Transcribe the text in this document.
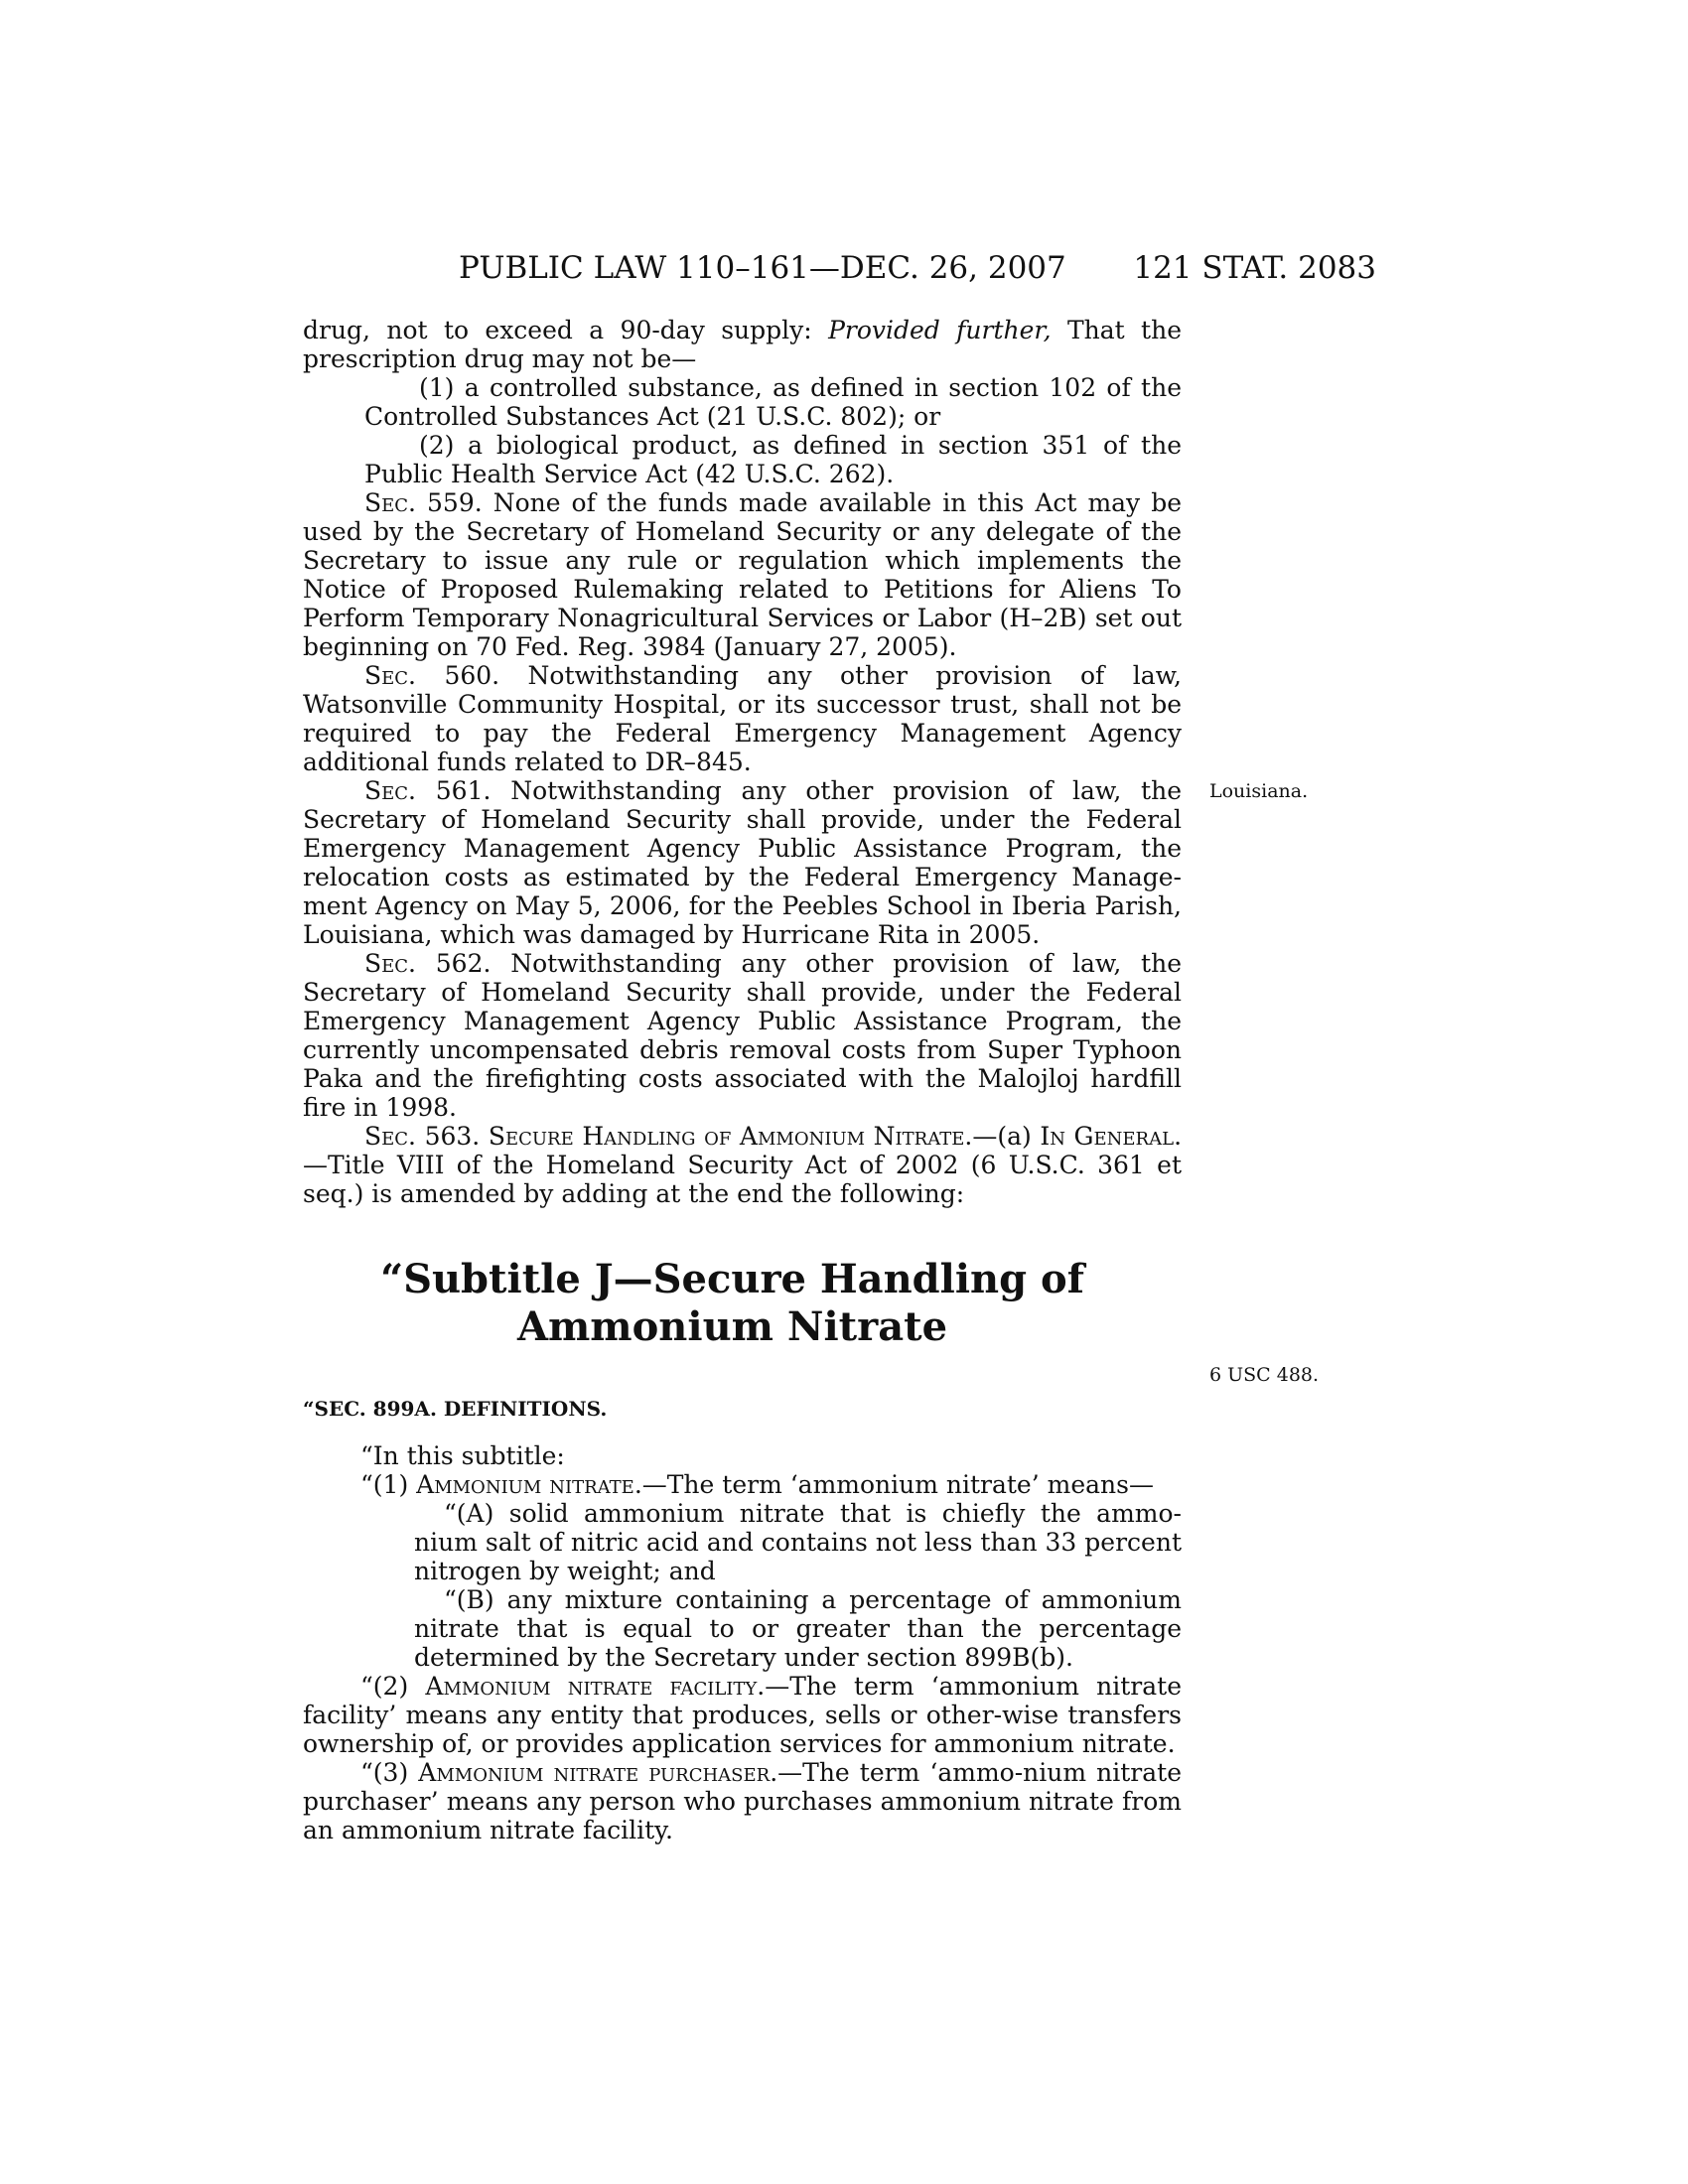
PUBLIC LAW 110–161—DEC. 26, 2007 121 STAT. 2083
Louisiana.
6 USC 488.

drug, not to exceed a 90-day supply: Provided further, That the prescription drug may not be—

(1) a controlled substance, as defined in section 102 of the Controlled Substances Act (21 U.S.C. 802); or

(2) a biological product, as defined in section 351 of the Public Health Service Act (42 U.S.C. 262).

Sec. 559. None of the funds made available in this Act may be used by the Secretary of Homeland Security or any delegate of the Secretary to issue any rule or regulation which implements the Notice of Proposed Rulemaking related to Petitions for Aliens To Perform Temporary Nonagricultural Services or Labor (H–2B) set out beginning on 70 Fed. Reg. 3984 (January 27, 2005).

Sec. 560. Notwithstanding any other provision of law, Watsonville Community Hospital, or its successor trust, shall not be required to pay the Federal Emergency Management Agency additional funds related to DR–845.

Sec. 561. Notwithstanding any other provision of law, the Secretary of Homeland Security shall provide, under the Federal Emergency Management Agency Public Assistance Program, the relocation costs as estimated by the Federal Emergency Manage-ment Agency on May 5, 2006, for the Peebles School in Iberia Parish, Louisiana, which was damaged by Hurricane Rita in 2005.

Sec. 562. Notwithstanding any other provision of law, the Secretary of Homeland Security shall provide, under the Federal Emergency Management Agency Public Assistance Program, the currently uncompensated debris removal costs from Super Typhoon Paka and the firefighting costs associated with the Malojloj hardfill fire in 1998.

Sec. 563. Secure Handling of Ammonium Nitrate.—(a) In General.—Title VIII of the Homeland Security Act of 2002 (6 U.S.C. 361 et seq.) is amended by adding at the end the following:

“Subtitle J—Secure Handling of
Ammonium Nitrate
“SEC. 899A. DEFINITIONS.

“In this subtitle:

“(1) Ammonium nitrate.—The term ‘ammonium nitrate’ means—

“(A) solid ammonium nitrate that is chiefly the ammo-nium salt of nitric acid and contains not less than 33 percent nitrogen by weight; and

“(B) any mixture containing a percentage of ammonium nitrate that is equal to or greater than the percentage determined by the Secretary under section 899B(b).

“(2) Ammonium nitrate facility.—The term ‘ammonium nitrate facility’ means any entity that produces, sells or other-wise transfers ownership of, or provides application services for ammonium nitrate.

“(3) Ammonium nitrate purchaser.—The term ‘ammo-nium nitrate purchaser’ means any person who purchases ammonium nitrate from an ammonium nitrate facility.
